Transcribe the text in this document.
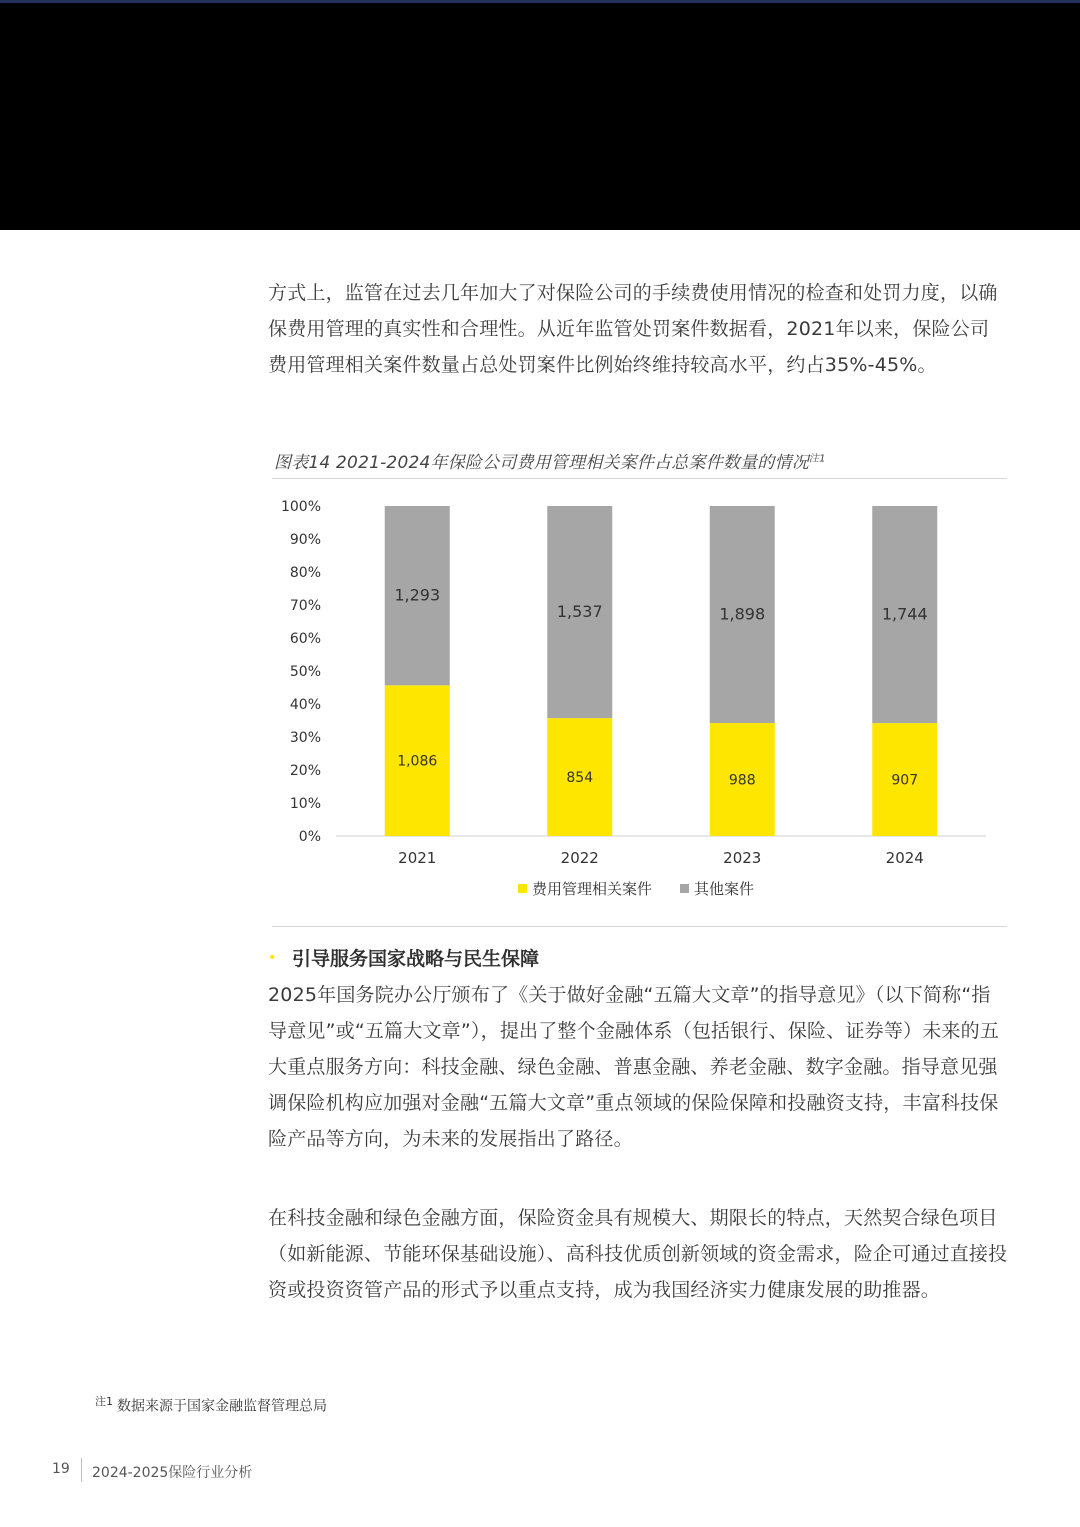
方式上，监管在过去几年加大了对保险公司的手续费使用情况的检查和处罚力度，以确保费用管理的真实性和合理性。从近年监管处罚案件数据看，2021年以来，保险公司费用管理相关案件数量占总处罚案件比例始终维持较高水平，约占35%-45%。

图表14 2021-2024年保险公司费用管理相关案件占总案件数量的情况$^{注1}$
0%
10%
20%
30%
40%
50%
60%
70%
80%
90%
100%
1,086
1,293
2021
854
1,537
2022
988
1,898
2023
907
1,744
2024
费用管理相关案件	其他案件
• 引导服务国家战略与民生保障

2025年国务院办公厅颁布了《关于做好金融“五篇大文章”的指导意见》（以下简称“指导意见”或“五篇大文章”），提出了整个金融体系（包括银行、保险、证券等）未来的五大重点服务方向：科技金融、绿色金融、普惠金融、养老金融、数字金融。指导意见强调保险机构应加强对金融“五篇大文章”重点领域的保险保障和投融资支持，丰富科技保险产品等方向，为未来的发展指出了路径。

在科技金融和绿色金融方面，保险资金具有规模大、期限长的特点，天然契合绿色项目（如新能源、节能环保基础设施）、高科技优质创新领域的资金需求，险企可通过直接投资或投资资管产品的形式予以重点支持，成为我国经济实力健康发展的助推器。

$^{注1}$ 数据来源于国家金融监督管理总局
19 2024-2025保险行业分析
